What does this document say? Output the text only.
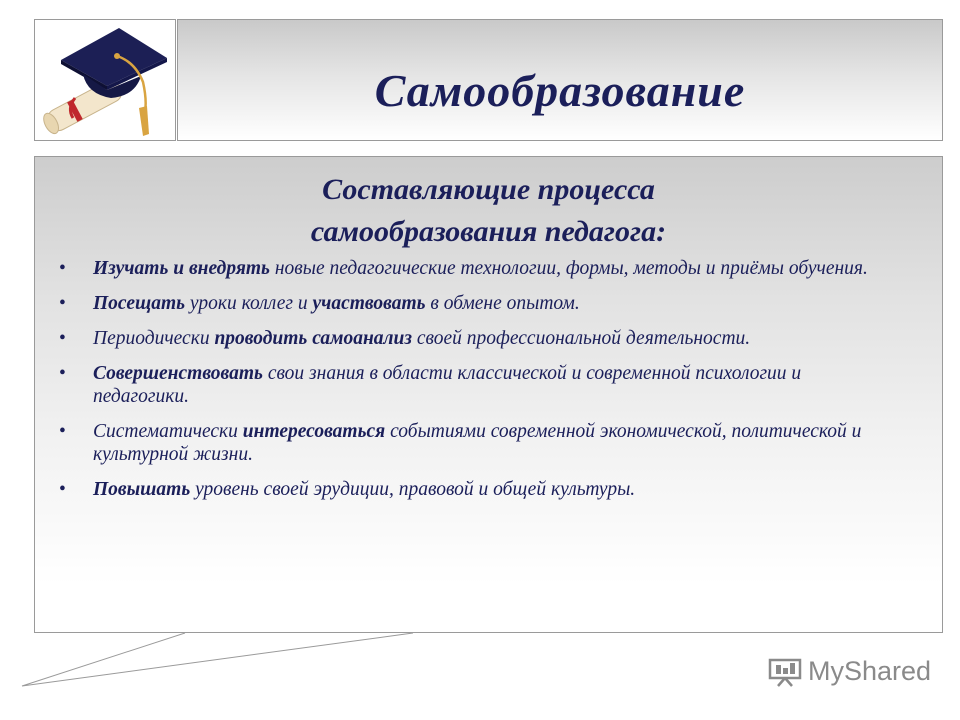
Самообразование
Составляющие процесса
самообразования педагога:
• Изучать и внедрять новые педагогические технологии, формы, методы и приёмы обучения.
• Посещать уроки коллег и участвовать в обмене опытом.
• Периодически проводить самоанализ своей профессиональной деятельности.
• Совершенствовать свои знания в области классической и современной психологии и педагогики.
• Систематически интересоваться событиями современной экономической, политической и культурной жизни.
• Повышать уровень своей эрудиции, правовой и общей культуры.
MyShared
